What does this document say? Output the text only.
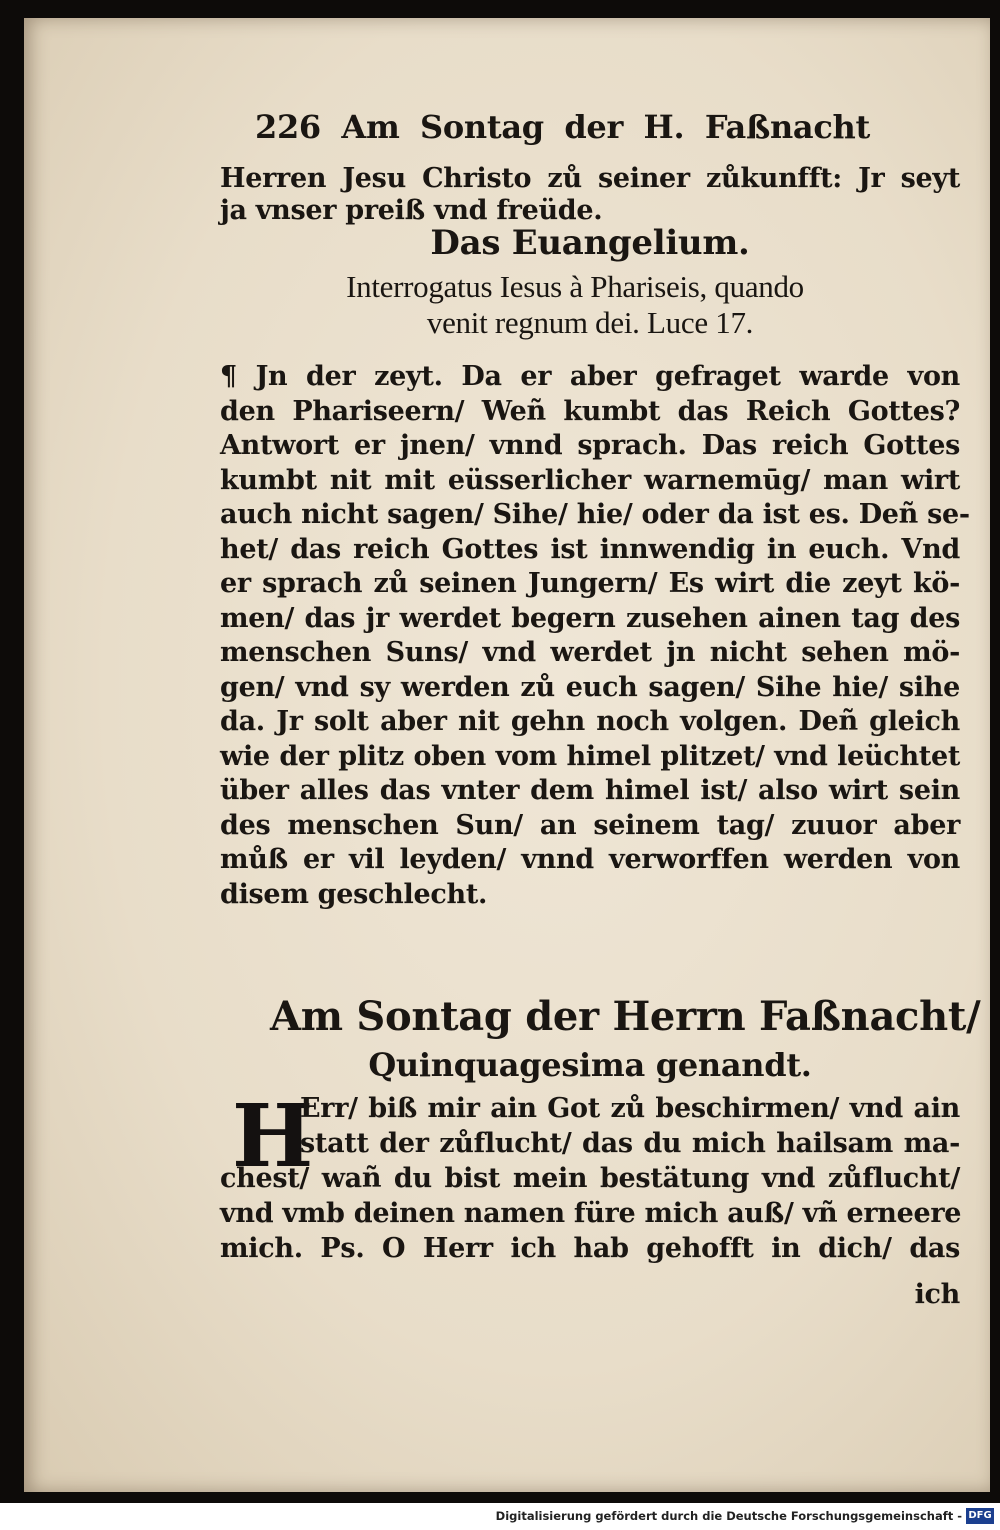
226 Am Sontag der H. Faßnacht
Herren Jesu Christo zů seiner zůkunfft: Jr seyt
ja vnser preiß vnd freüde.
Das Euangelium.
Interrogatus Iesus à Phariseis, quando
venit regnum dei. Luce 17.
¶ Jn der zeyt. Da er aber gefraget warde von
den Phariseern/ Weñ kumbt das Reich Gottes?
Antwort er jnen/ vnnd sprach. Das reich Gottes
kumbt nit mit eüsserlicher warnemūg/ man wirt
auch nicht sagen/ Sihe/ hie/ oder da ist es. Deñ se-
het/ das reich Gottes ist innwendig in euch. Vnd
er sprach zů seinen Jungern/ Es wirt die zeyt kö-
men/ das jr werdet begern zusehen ainen tag des
menschen Suns/ vnd werdet jn nicht sehen mö-
gen/ vnd sy werden zů euch sagen/ Sihe hie/ sihe
da. Jr solt aber nit gehn noch volgen. Deñ gleich
wie der plitz oben vom himel plitzet/ vnd leüchtet
über alles das vnter dem himel ist/ also wirt sein
des menschen Sun/ an seinem tag/ zuuor aber
můß er vil leyden/ vnnd verworffen werden von
disem geschlecht.
Am Sontag der Herrn Faßnacht/
Quinquagesima genandt.
H
Err/ biß mir ain Got zů beschirmen/ vnd ain
statt der zůflucht/ das du mich hailsam ma-
chest/ wañ du bist mein bestätung vnd zůflucht/
vnd vmb deinen namen füre mich auß/ vñ erneere
mich. Ps. O Herr ich hab gehofft in dich/ das
ich
Digitalisierung gefördert durch die Deutsche Forschungsgemeinschaft - DFG
